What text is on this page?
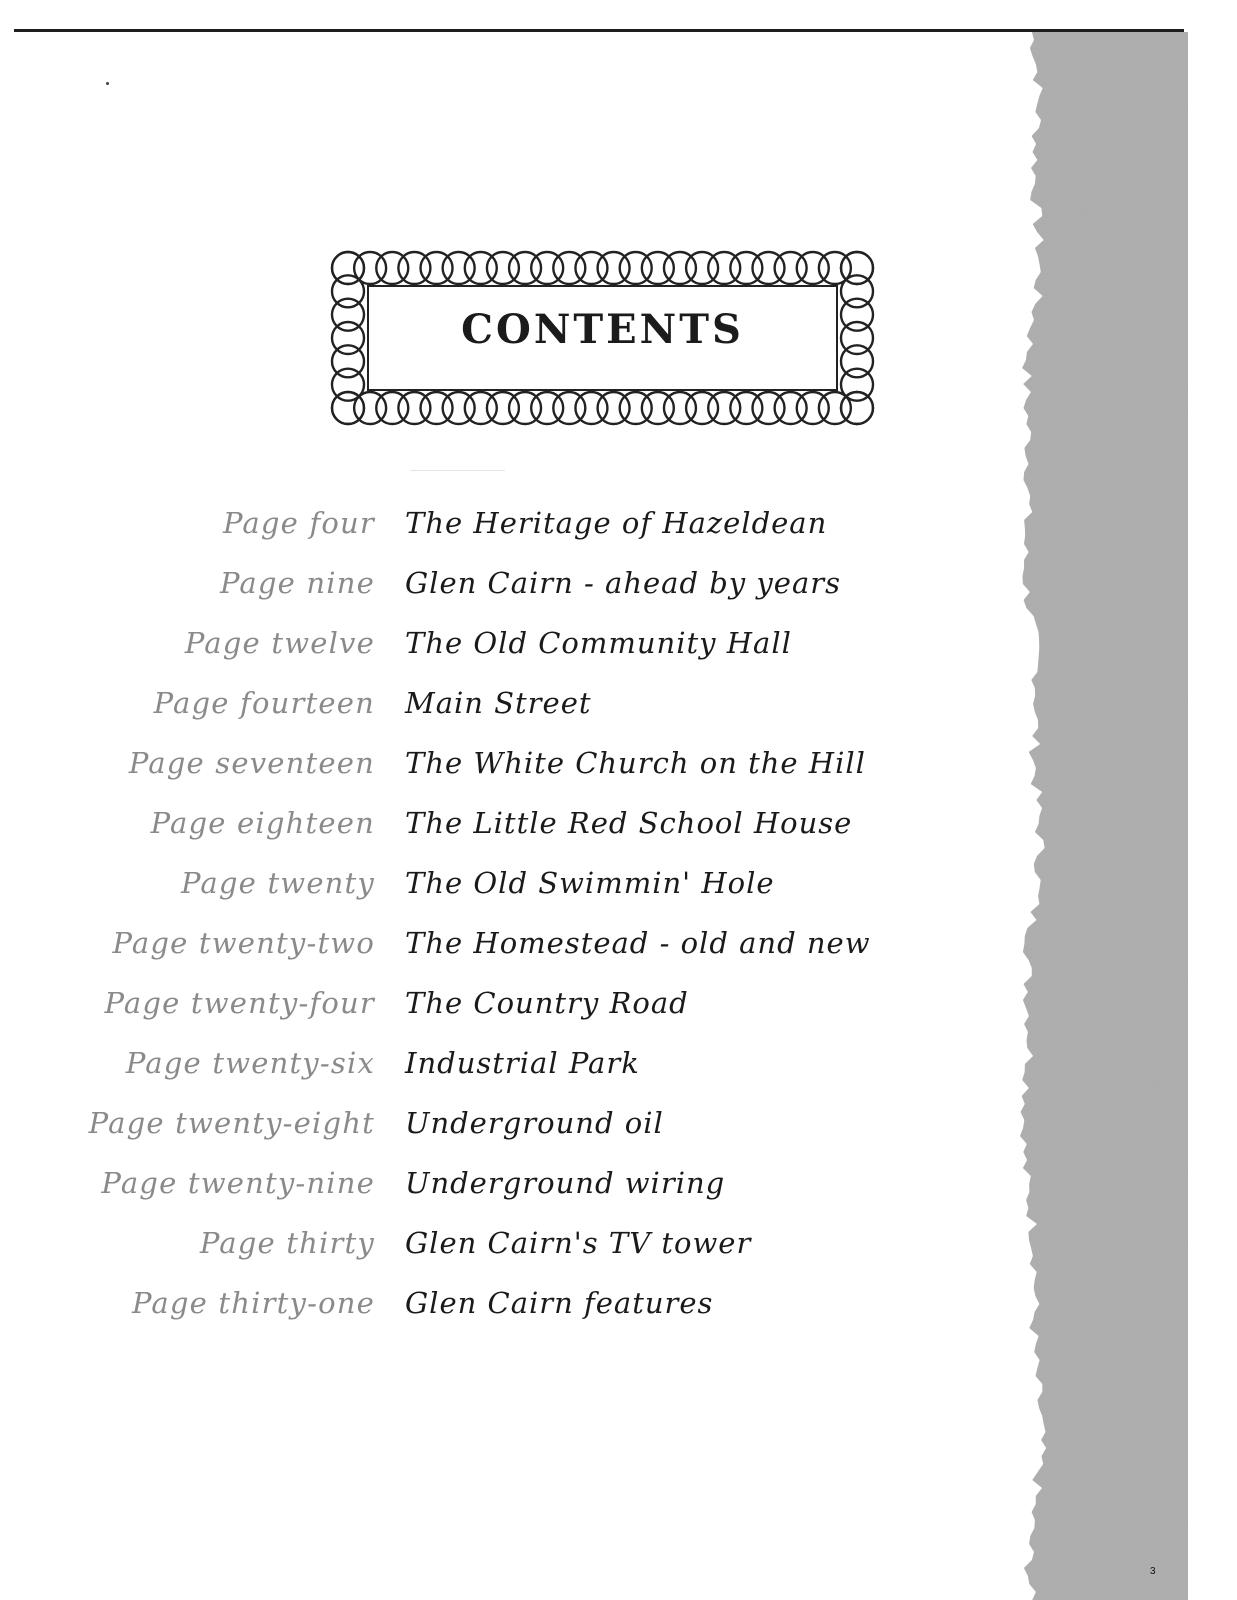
CONTENTS
Page four The Heritage of Hazeldean
Page nine Glen Cairn - ahead by years
Page twelve The Old Community Hall
Page fourteen Main Street
Page seventeen The White Church on the Hill
Page eighteen The Little Red School House
Page twenty The Old Swimmin' Hole
Page twenty-two The Homestead - old and new
Page twenty-four The Country Road
Page twenty-six Industrial Park
Page twenty-eight Underground oil
Page twenty-nine Underground wiring
Page thirty Glen Cairn's TV tower
Page thirty-one Glen Cairn features
3
